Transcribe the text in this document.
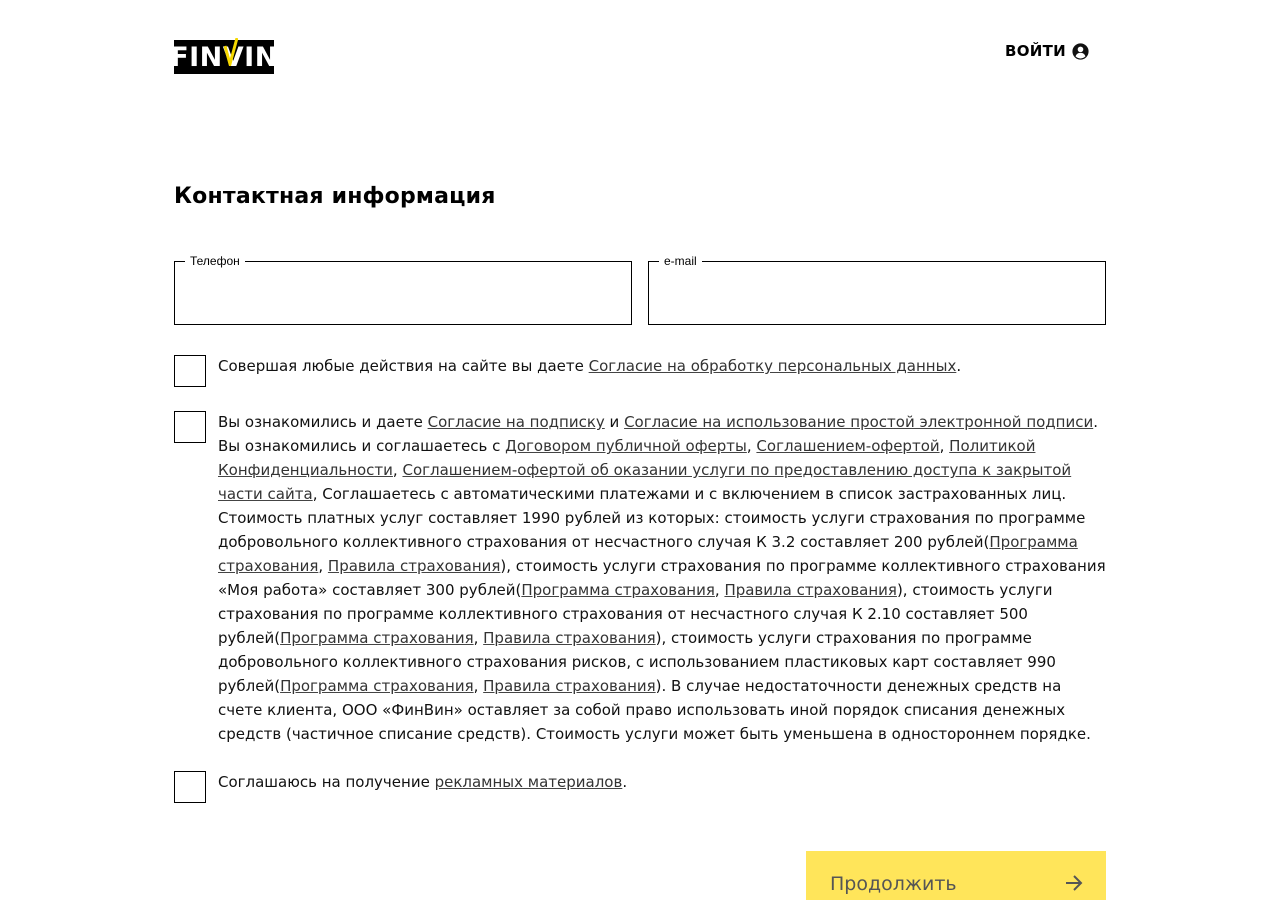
FINVIN	ВОЙТИ
Контактная информация
Телефон	e-mail
Совершая любые действия на сайте вы даете Согласие на обработку персональных данных.
Вы ознакомились и даете Согласие на подписку и Согласие на использование простой электронной подписи. Вы ознакомились и соглашаетесь с Договором публичной оферты, Соглашением-офертой, Политикой Конфиденциальности, Соглашением-офертой об оказании услуги по предоставлению доступа к закрытой части сайта, Соглашаетесь с автоматическими платежами и с включением в список застрахованных лиц. Стоимость платных услуг составляет 1990 рублей из которых: стоимость услуги страхования по программе добровольного коллективного страхования от несчастного случая К 3.2 составляет 200 рублей(Программа страхования, Правила страхования), стоимость услуги страхования по программе коллективного страхования «Моя работа» составляет 300 рублей(Программа страхования, Правила страхования), стоимость услуги страхования по программе коллективного страхования от несчастного случая К 2.10 составляет 500 рублей(Программа страхования, Правила страхования), стоимость услуги страхования по программе добровольного коллективного страхования рисков, с использованием пластиковых карт составляет 990 рублей(Программа страхования, Правила страхования). В случае недостаточности денежных средств на счете клиента, ООО «ФинВин» оставляет за собой право использовать иной порядок списания денежных средств (частичное списание средств). Стоимость услуги может быть уменьшена в одностороннем порядке.
Соглашаюсь на получение рекламных материалов.
Продолжить
